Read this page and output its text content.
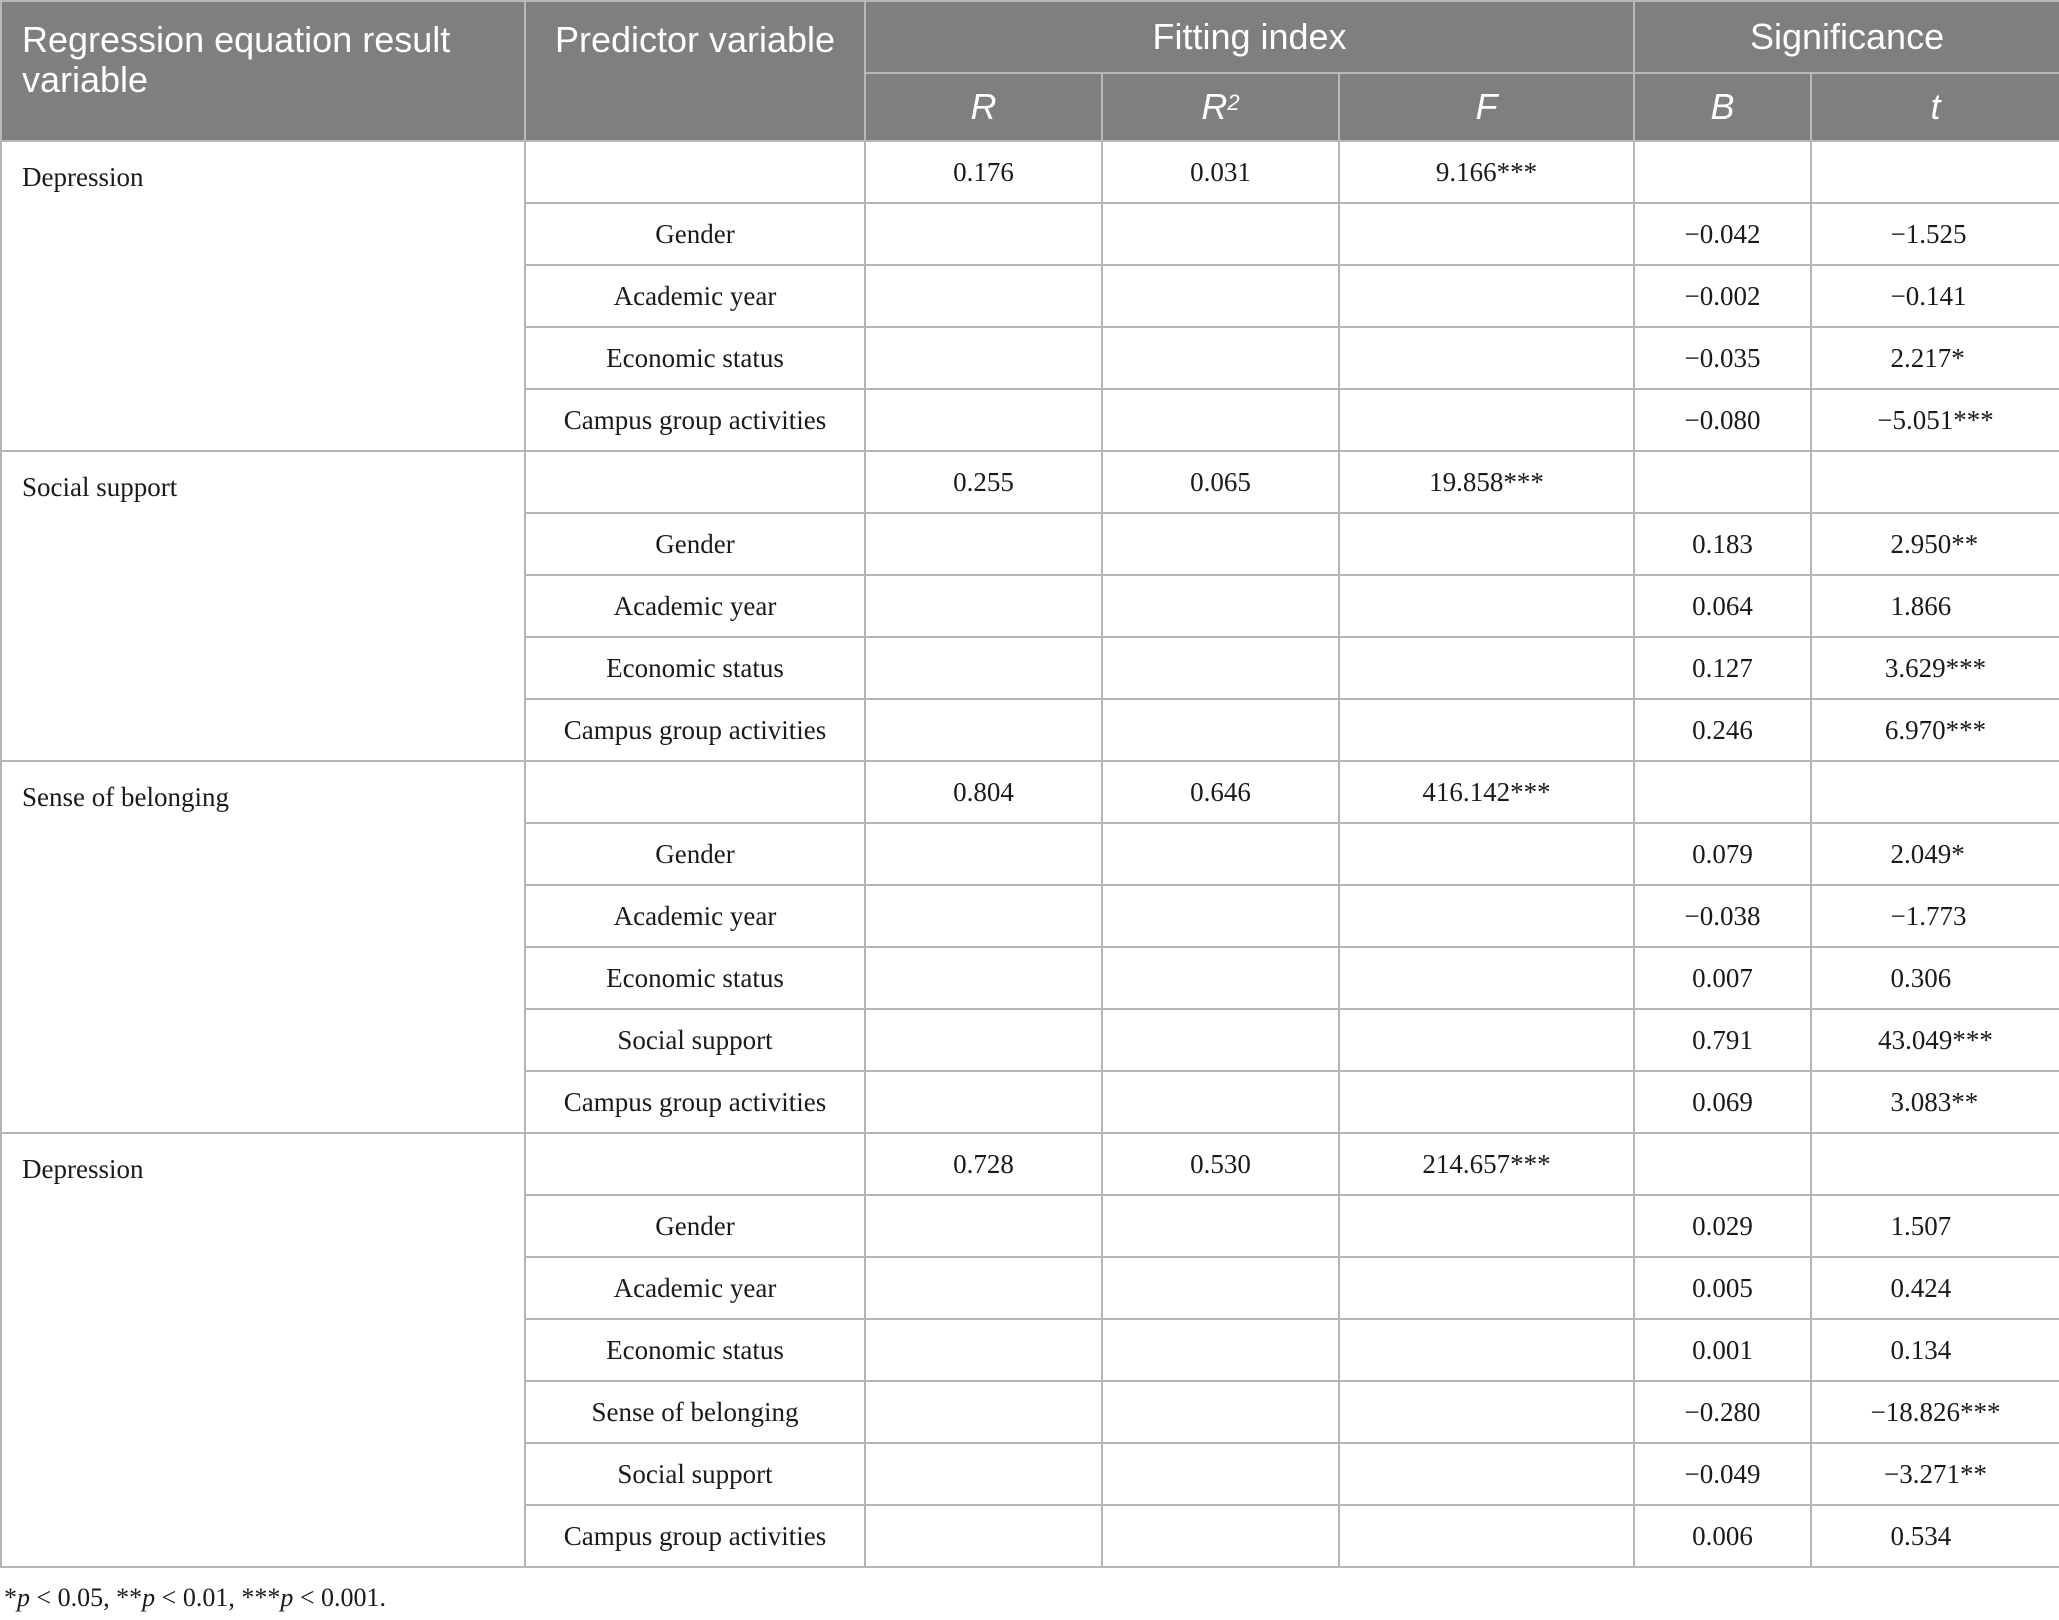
Regression equation result variable	Predictor variable	Fitting index			Significance	
		R	$R^2$	F	B	t
Depression		0.176	0.031	9.166***		
	Gender				−0.042	−1.525
	Academic year				−0.002	−0.141
	Economic status				−0.035	2.217*
	Campus group activities				−0.080	−5.051***
Social support		0.255	0.065	19.858***		
	Gender				0.183	2.950**
	Academic year				0.064	1.866
	Economic status				0.127	3.629***
	Campus group activities				0.246	6.970***
Sense of belonging		0.804	0.646	416.142***		
	Gender				0.079	2.049*
	Academic year				−0.038	−1.773
	Economic status				0.007	0.306
	Social support				0.791	43.049***
	Campus group activities				0.069	3.083**
Depression		0.728	0.530	214.657***		
	Gender				0.029	1.507
	Academic year				0.005	0.424
	Economic status				0.001	0.134
	Sense of belonging				−0.280	−18.826***
	Social support				−0.049	−3.271**
	Campus group activities				0.006	0.534
*p < 0.05, **p < 0.01, ***p < 0.001.
